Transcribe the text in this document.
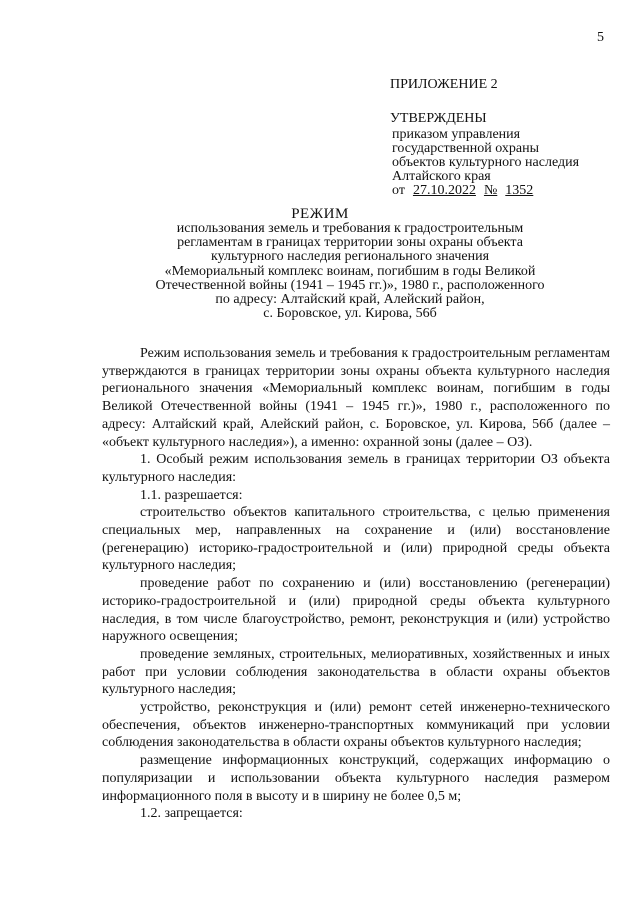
5
ПРИЛОЖЕНИЕ 2
УТВЕРЖДЕНЫ
приказом управления
государственной охраны
объектов культурного наследия
Алтайского края
от 27.10.2022 № 1352
РЕЖИМ
использования земель и требования к градостроительным
регламентам в границах территории зоны охраны объекта
культурного наследия регионального значения
«Мемориальный комплекс воинам, погибшим в годы Великой
Отечественной войны (1941 – 1945 гг.)», 1980 г., расположенного
по адресу: Алтайский край, Алейский район,
с. Боровское, ул. Кирова, 56б

Режим использования земель и требования к градостроительным регламентам утверждаются в границах территории зоны охраны объекта культурного наследия регионального значения «Мемориальный комплекс воинам, погибшим в годы Великой Отечественной войны (1941 – 1945 гг.)», 1980 г., расположенного по адресу: Алтайский край, Алейский район, с. Боровское, ул. Кирова, 56б (далее – «объект культурного наследия»), а именно: охранной зоны (далее – ОЗ).

1. Особый режим использования земель в границах территории ОЗ объекта культурного наследия:

1.1. разрешается:

строительство объектов капитального строительства, с целью применения специальных мер, направленных на сохранение и (или) восстановление (регенерацию) историко-градостроительной и (или) природной среды объекта культурного наследия;

проведение работ по сохранению и (или) восстановлению (регенерации) историко-градостроительной и (или) природной среды объекта культурного наследия, в том числе благоустройство, ремонт, реконструкция и (или) устройство наружного освещения;

проведение земляных, строительных, мелиоративных, хозяйственных и иных работ при условии соблюдения законодательства в области охраны объектов культурного наследия;

устройство, реконструкция и (или) ремонт сетей инженерно-технического обеспечения, объектов инженерно-транспортных коммуникаций при условии соблюдения законодательства в области охраны объектов культурного наследия;

размещение информационных конструкций, содержащих информацию о популяризации и использовании объекта культурного наследия размером информационного поля в высоту и в ширину не более 0,5 м;

1.2. запрещается:
